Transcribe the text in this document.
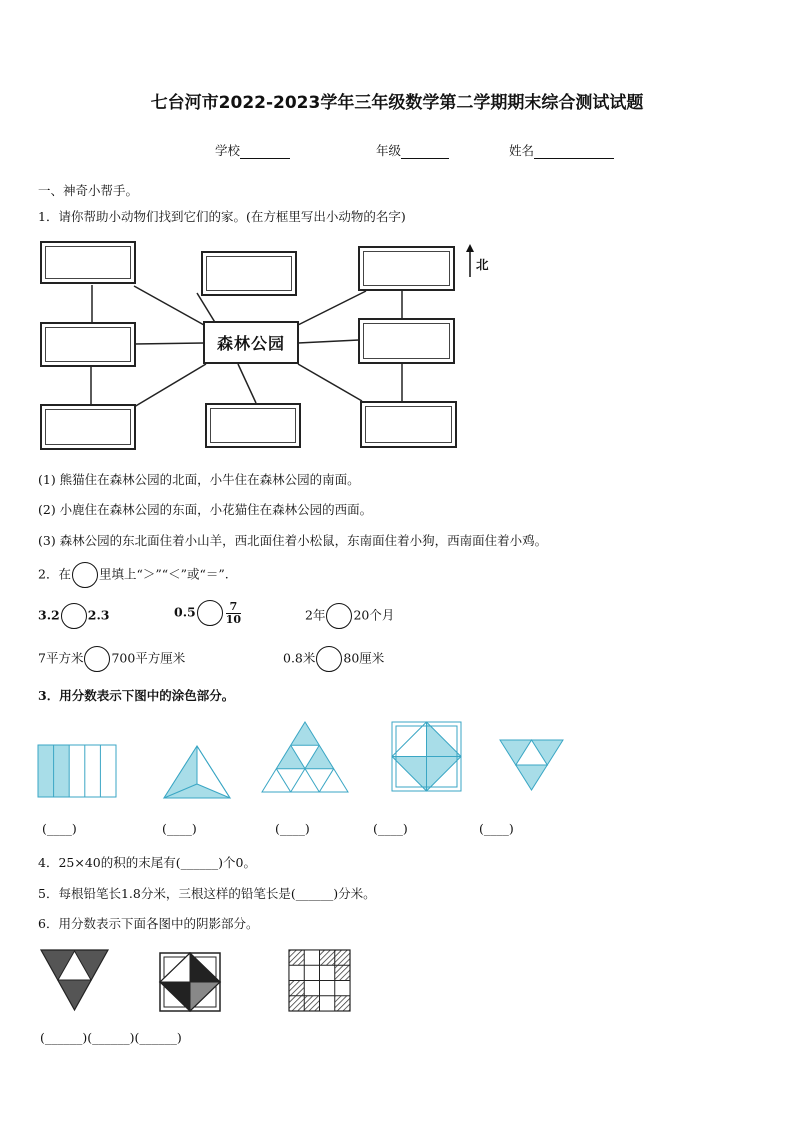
七台河市2022-2023学年三年级数学第二学期期末综合测试试题
学校	年级	姓名
一、神奇小帮手。
1．请你帮助小动物们找到它们的家。(在方框里写出小动物的名字)
森林公园
北
(1) 熊猫住在森林公园的北面，小牛住在森林公园的南面。
(2) 小鹿住在森林公园的东面，小花猫住在森林公园的西面。
(3) 森林公园的东北面住着小山羊，西北面住着小松鼠，东南面住着小狗，西南面住着小鸡。
2．在 里填上“＞”“＜”或“＝”.
3.2 2.3	0.5	$\frac{7}{10}$	2年 20个月
7平方米 700平方厘米	0.8米 80厘米
3．用分数表示下图中的涂色部分。
(____)	(____)	(____)	(____)	(____)
4．25×40的积的末尾有(______)个0。
5．每根铅笔长1.8分米，三根这样的铅笔长是(______)分米。
6．用分数表示下面各图中的阴影部分。
(______)(______)(______)
